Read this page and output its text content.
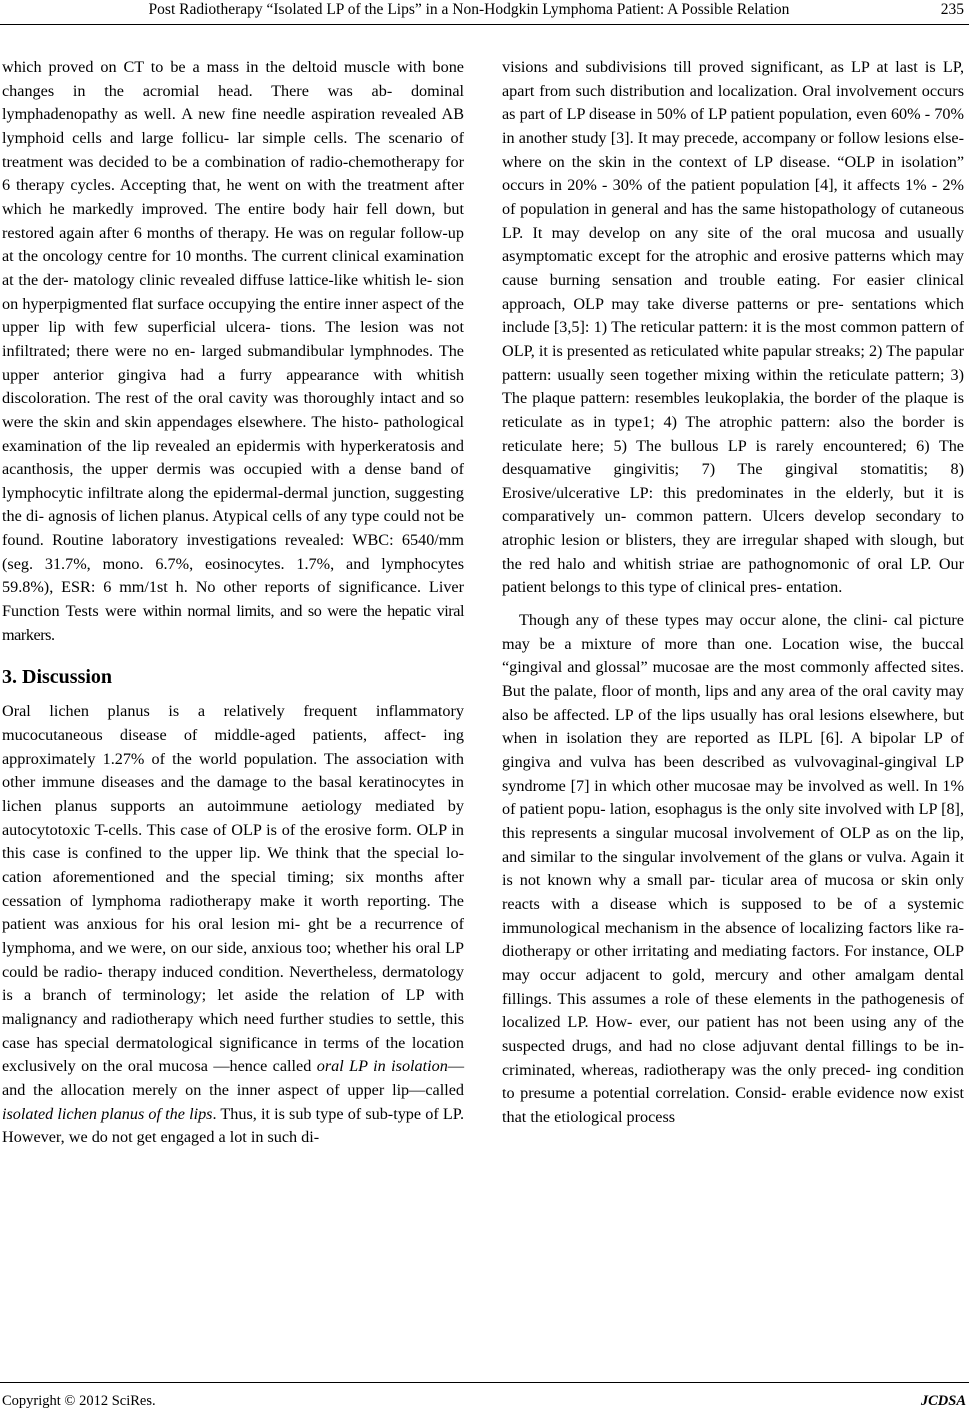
Post Radiotherapy “Isolated LP of the Lips” in a Non-Hodgkin Lymphoma Patient: A Possible Relation	235

which proved on CT to be a mass in the deltoid muscle with bone changes in the acromial head. There was ab- dominal lymphadenopathy as well. A new fine needle aspiration revealed AB lymphoid cells and large follicu- lar simple cells. The scenario of treatment was decided to be a combination of radio-chemotherapy for 6 therapy cycles. Accepting that, he went on with the treatment after which he markedly improved. The entire body hair fell down, but restored again after 6 months of therapy. He was on regular follow-up at the oncology centre for 10 months. The current clinical examination at the der- matology clinic revealed diffuse lattice-like whitish le- sion on hyperpigmented flat surface occupying the entire inner aspect of the upper lip with few superficial ulcera- tions. The lesion was not infiltrated; there were no en- larged submandibular lymphnodes. The upper anterior gingiva had a furry appearance with whitish discoloration. The rest of the oral cavity was thoroughly intact and so were the skin and skin appendages elsewhere. The histo- pathological examination of the lip revealed an epidermis with hyperkeratosis and acanthosis, the upper dermis was occupied with a dense band of lymphocytic infiltrate along the epidermal-dermal junction, suggesting the di- agnosis of lichen planus. Atypical cells of any type could not be found. Routine laboratory investigations revealed: WBC: 6540/mm (seg. 31.7%, mono. 6.7%, eosinocytes. 1.7%, and lymphocytes 59.8%), ESR: 6 mm/1st h. No other reports of significance. Liver Function Tests were within normal limits, and so were the hepatic viral markers.

3. Discussion

Oral lichen planus is a relatively frequent inflammatory mucocutaneous disease of middle-aged patients, affect- ing approximately 1.27% of the world population. The association with other immune diseases and the damage to the basal keratinocytes in lichen planus supports an autoimmune aetiology mediated by autocytotoxic T-cells. This case of OLP is of the erosive form. OLP in this case is confined to the upper lip. We think that the special lo- cation aforementioned and the special timing; six months after cessation of lymphoma radiotherapy make it worth reporting. The patient was anxious for his oral lesion mi- ght be a recurrence of lymphoma, and we were, on our side, anxious too; whether his oral LP could be radio- therapy induced condition. Nevertheless, dermatology is a branch of terminology; let aside the relation of LP with malignancy and radiotherapy which need further studies to settle, this case has special dermatological significance in terms of the location exclusively on the oral mucosa —hence called oral LP in isolation—and the allocation merely on the inner aspect of upper lip—called isolated lichen planus of the lips. Thus, it is sub type of sub-type of LP. However, we do not get engaged a lot in such di-

visions and subdivisions till proved significant, as LP at last is LP, apart from such distribution and localization. Oral involvement occurs as part of LP disease in 50% of LP patient population, even 60% - 70% in another study [3]. It may precede, accompany or follow lesions else- where on the skin in the context of LP disease. “OLP in isolation” occurs in 20% - 30% of the patient population [4], it affects 1% - 2% of population in general and has the same histopathology of cutaneous LP. It may develop on any site of the oral mucosa and usually asymptomatic except for the atrophic and erosive patterns which may cause burning sensation and trouble eating. For easier clinical approach, OLP may take diverse patterns or pre- sentations which include [3,5]: 1) The reticular pattern: it is the most common pattern of OLP, it is presented as reticulated white papular streaks; 2) The papular pattern: usually seen together mixing within the reticulate pattern; 3) The plaque pattern: resembles leukoplakia, the border of the plaque is reticulate as in type1; 4) The atrophic pattern: also the border is reticulate here; 5) The bullous LP is rarely encountered; 6) The desquamative gingivitis; 7) The gingival stomatitis; 8) Erosive/ulcerative LP: this predominates in the elderly, but it is comparatively un- common pattern. Ulcers develop secondary to atrophic lesion or blisters, they are irregular shaped with slough, but the red halo and whitish striae are pathognomonic of oral LP. Our patient belongs to this type of clinical pres- entation.

Though any of these types may occur alone, the clini- cal picture may be a mixture of more than one. Location wise, the buccal “gingival and glossal” mucosae are the most commonly affected sites. But the palate, floor of month, lips and any area of the oral cavity may also be affected. LP of the lips usually has oral lesions elsewhere, but when in isolation they are reported as ILPL [6]. A bipolar LP of gingiva and vulva has been described as vulvovaginal-gingival LP syndrome [7] in which other mucosae may be involved as well. In 1% of patient popu- lation, esophagus is the only site involved with LP [8], this represents a singular mucosal involvement of OLP as on the lip, and similar to the singular involvement of the glans or vulva. Again it is not known why a small par- ticular area of mucosa or skin only reacts with a disease which is supposed to be of a systemic immunological mechanism in the absence of localizing factors like ra- diotherapy or other irritating and mediating factors. For instance, OLP may occur adjacent to gold, mercury and other amalgam dental fillings. This assumes a role of these elements in the pathogenesis of localized LP. How- ever, our patient has not been using any of the suspected drugs, and had no close adjuvant dental fillings to be in- criminated, whereas, radiotherapy was the only preced- ing condition to presume a potential correlation. Consid- erable evidence now exist that the etiological process

Copyright © 2012 SciRes.	JCDSA
